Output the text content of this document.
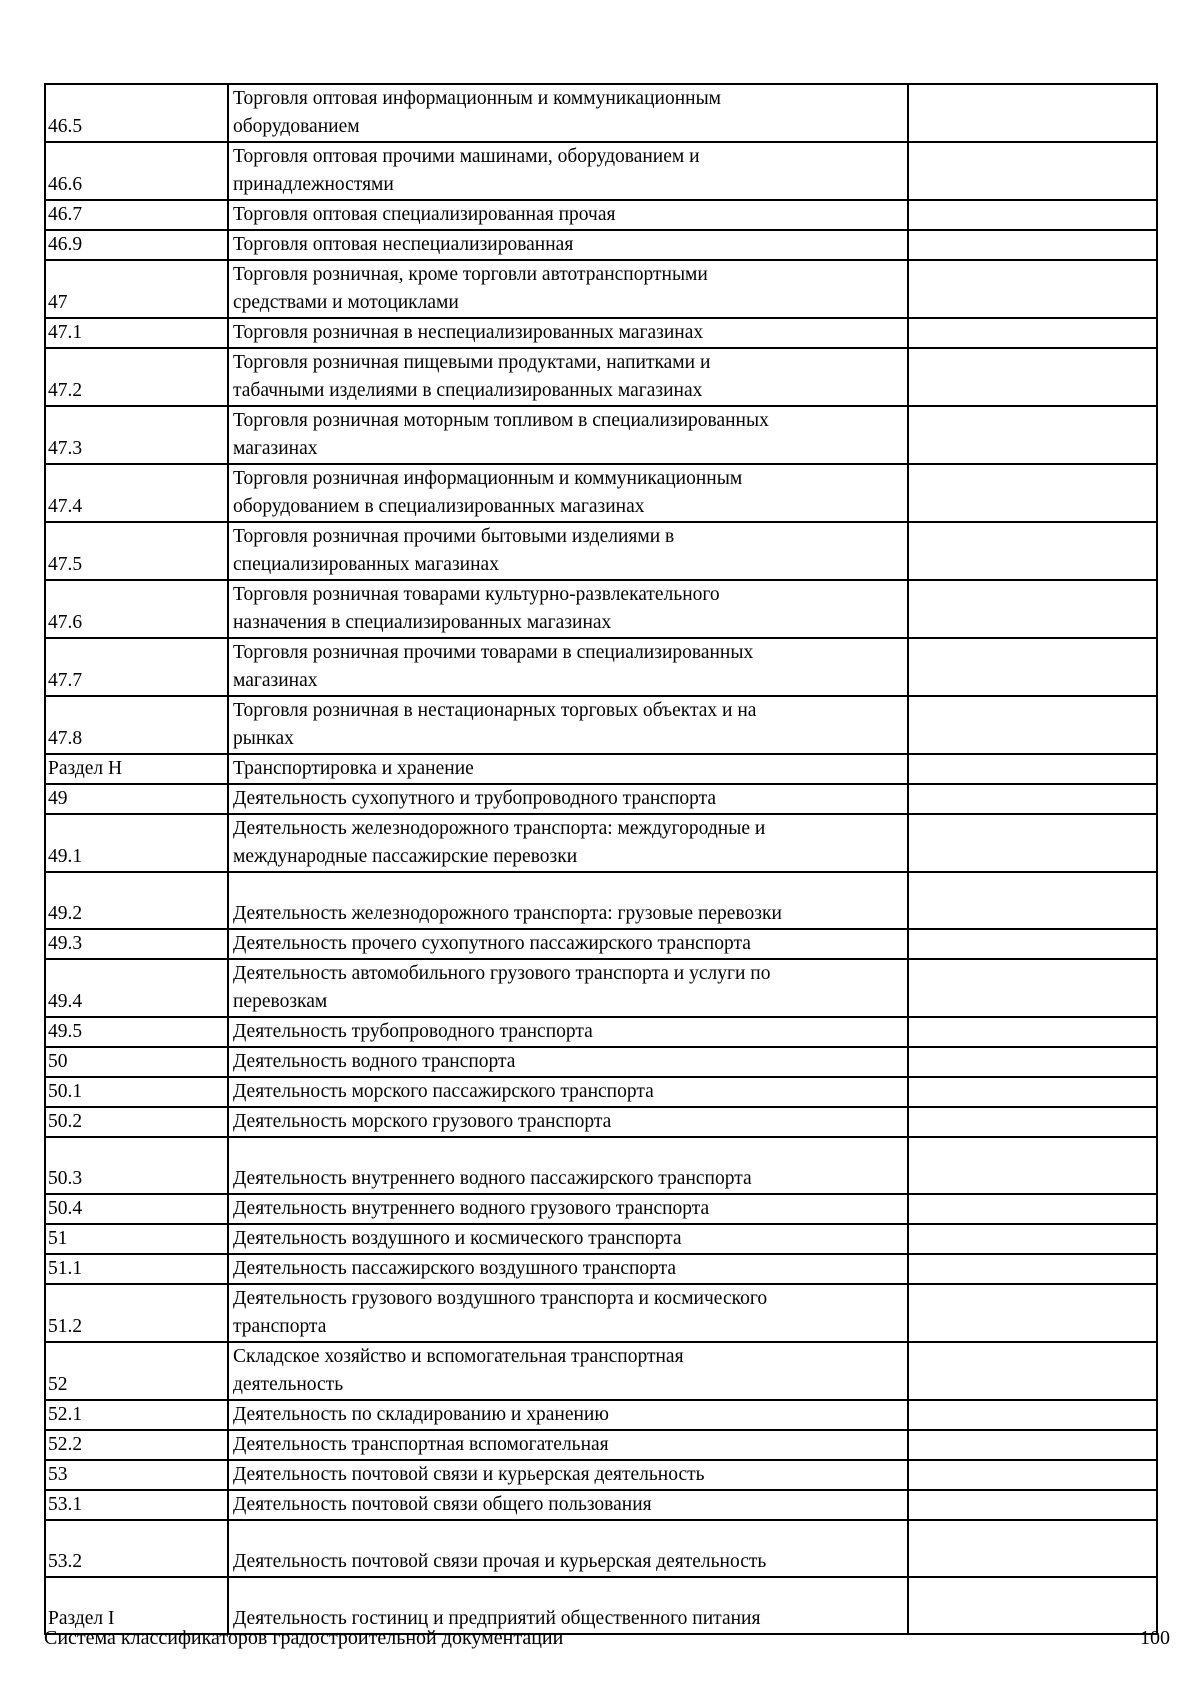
46.5	Торговля оптовая информационным и коммуникационным
оборудованием	
46.6	Торговля оптовая прочими машинами, оборудованием и
принадлежностями	
46.7	Торговля оптовая специализированная прочая	
46.9	Торговля оптовая неспециализированная	
47	Торговля розничная, кроме торговли автотранспортными
средствами и мотоциклами	
47.1	Торговля розничная в неспециализированных магазинах	
47.2	Торговля розничная пищевыми продуктами, напитками и
табачными изделиями в специализированных магазинах	
47.3	Торговля розничная моторным топливом в специализированных
магазинах	
47.4	Торговля розничная информационным и коммуникационным
оборудованием в специализированных магазинах	
47.5	Торговля розничная прочими бытовыми изделиями в
специализированных магазинах	
47.6	Торговля розничная товарами культурно-развлекательного
назначения в специализированных магазинах	
47.7	Торговля розничная прочими товарами в специализированных
магазинах	
47.8	Торговля розничная в нестационарных торговых объектах и на
рынках	
Раздел H	Транспортировка и хранение	
49	Деятельность сухопутного и трубопроводного транспорта	
49.1	Деятельность железнодорожного транспорта: междугородные и
международные пассажирские перевозки	
49.2	Деятельность железнодорожного транспорта: грузовые перевозки	
49.3	Деятельность прочего сухопутного пассажирского транспорта	
49.4	Деятельность автомобильного грузового транспорта и услуги по
перевозкам	
49.5	Деятельность трубопроводного транспорта	
50	Деятельность водного транспорта	
50.1	Деятельность морского пассажирского транспорта	
50.2	Деятельность морского грузового транспорта	
50.3	Деятельность внутреннего водного пассажирского транспорта	
50.4	Деятельность внутреннего водного грузового транспорта	
51	Деятельность воздушного и космического транспорта	
51.1	Деятельность пассажирского воздушного транспорта	
51.2	Деятельность грузового воздушного транспорта и космического
транспорта	
52	Складское хозяйство и вспомогательная транспортная
деятельность	
52.1	Деятельность по складированию и хранению	
52.2	Деятельность транспортная вспомогательная	
53	Деятельность почтовой связи и курьерская деятельность	
53.1	Деятельность почтовой связи общего пользования	
53.2	Деятельность почтовой связи прочая и курьерская деятельность	
Раздел I	Деятельность гостиниц и предприятий общественного питания	
Система классификаторов градостроительной документации	100
